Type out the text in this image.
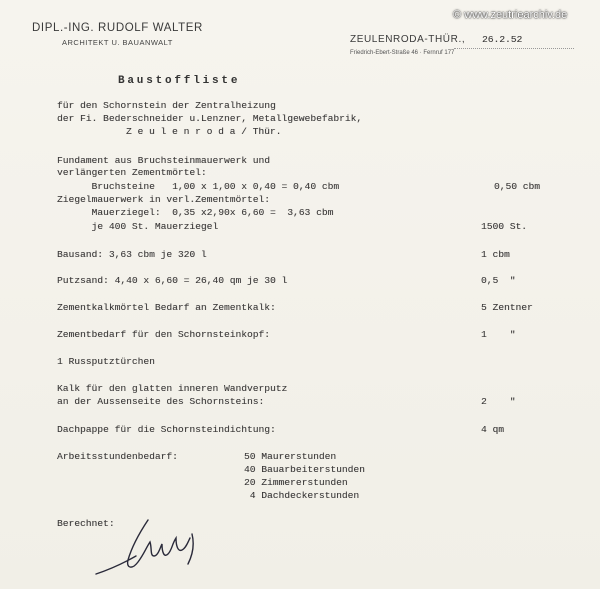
© www.zeutriearchiv.de
DIPL.-ING. RUDOLF WALTER
ARCHITEKT U. BAUANWALT	ZEULENRODA-THÜR., 26.2.52
Friedrich-Ebert-Straße 46 · Fernruf 177
Baustoffliste
für den Schornstein der Zentralheizung
der Fi. Bederschneider u.Lenzner, Metallgewebefabrik,
Z e u l e n r o d a / Thür.
Fundament aus Bruchsteinmauerwerk und
verlängerten Zementmörtel:
Bruchsteine   1,00 x 1,00 x 0,40 = 0,40 cbm	0,50 cbm
Ziegelmauerwerk in verl.Zementmörtel:
Mauerziegel:  0,35 x2,90x 6,60 =  3,63 cbm
je 400 St. Mauerziegel	1500 St.
Bausand: 3,63 cbm je 320 l	1 cbm
Putzsand: 4,40 x 6,60 = 26,40 qm je 30 l	0,5  "
Zementkalkmörtel Bedarf an Zementkalk:	5 Zentner
Zementbedarf für den Schornsteinkopf:	1    "
1 Russputztürchen
Kalk für den glatten inneren Wandverputz
an der Aussenseite des Schornsteins:	2    "
Dachpappe für die Schornsteindichtung:	4 qm
Arbeitsstundenbedarf:	50 Maurerstunden
40 Bauarbeiterstunden
20 Zimmererstunden
4 Dachdeckerstunden
Berechnet:
